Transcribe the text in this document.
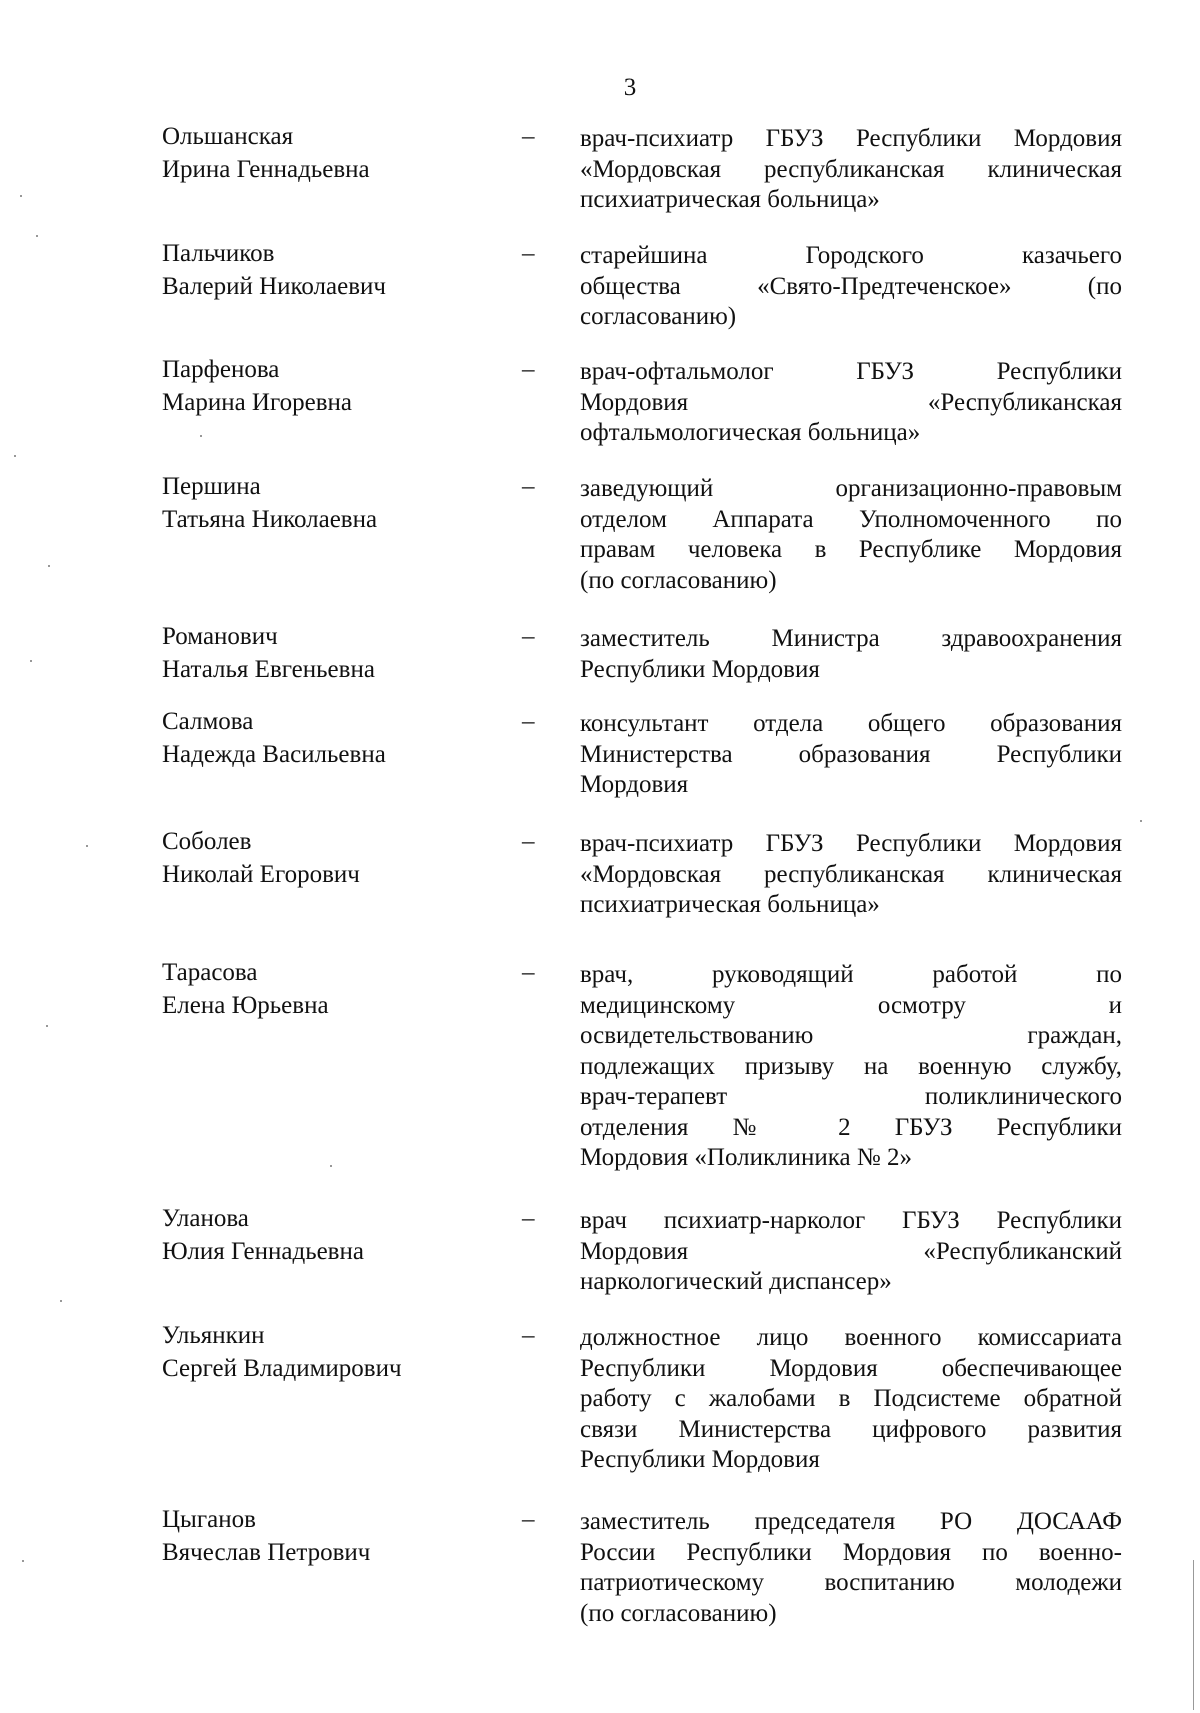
3
Ольшанская
Ирина Геннадьевна
– врач-психиатр ГБУЗ Республики Мордовия
«Мордовская республиканская клиническая
психиатрическая больница»
Пальчиков
Валерий Николаевич
– старейшина Городского казачьего
общества «Свято-Предтеченское» (по
согласованию)
Парфенова
Марина Игоревна
– врач-офтальмолог ГБУЗ Республики
Мордовия «Республиканская
офтальмологическая больница»
Першина
Татьяна Николаевна
– заведующий организационно-правовым
отделом Аппарата Уполномоченного по
правам человека в Республике Мордовия
(по согласованию)
Романович
Наталья Евгеньевна
– заместитель Министра здравоохранения
Республики Мордовия
Салмова
Надежда Васильевна
– консультант отдела общего образования
Министерства образования Республики
Мордовия
Соболев
Николай Егорович
– врач-психиатр ГБУЗ Республики Мордовия
«Мордовская республиканская клиническая
психиатрическая больница»
Тарасова
Елена Юрьевна
– врач, руководящий работой по
медицинскому осмотру и
освидетельствованию граждан,
подлежащих призыву на военную службу,
врач-терапевт поликлинического
отделения № 2 ГБУЗ Республики
Мордовия «Поликлиника № 2»
Уланова
Юлия Геннадьевна
– врач психиатр-нарколог ГБУЗ Республики
Мордовия «Республиканский
наркологический диспансер»
Ульянкин
Сергей Владимирович
– должностное лицо военного комиссариата
Республики Мордовия обеспечивающее
работу с жалобами в Подсистеме обратной
связи Министерства цифрового развития
Республики Мордовия
Цыганов
Вячеслав Петрович
– заместитель председателя РО ДОСААФ
России Республики Мордовия по военно-
патриотическому воспитанию молодежи
(по согласованию)
